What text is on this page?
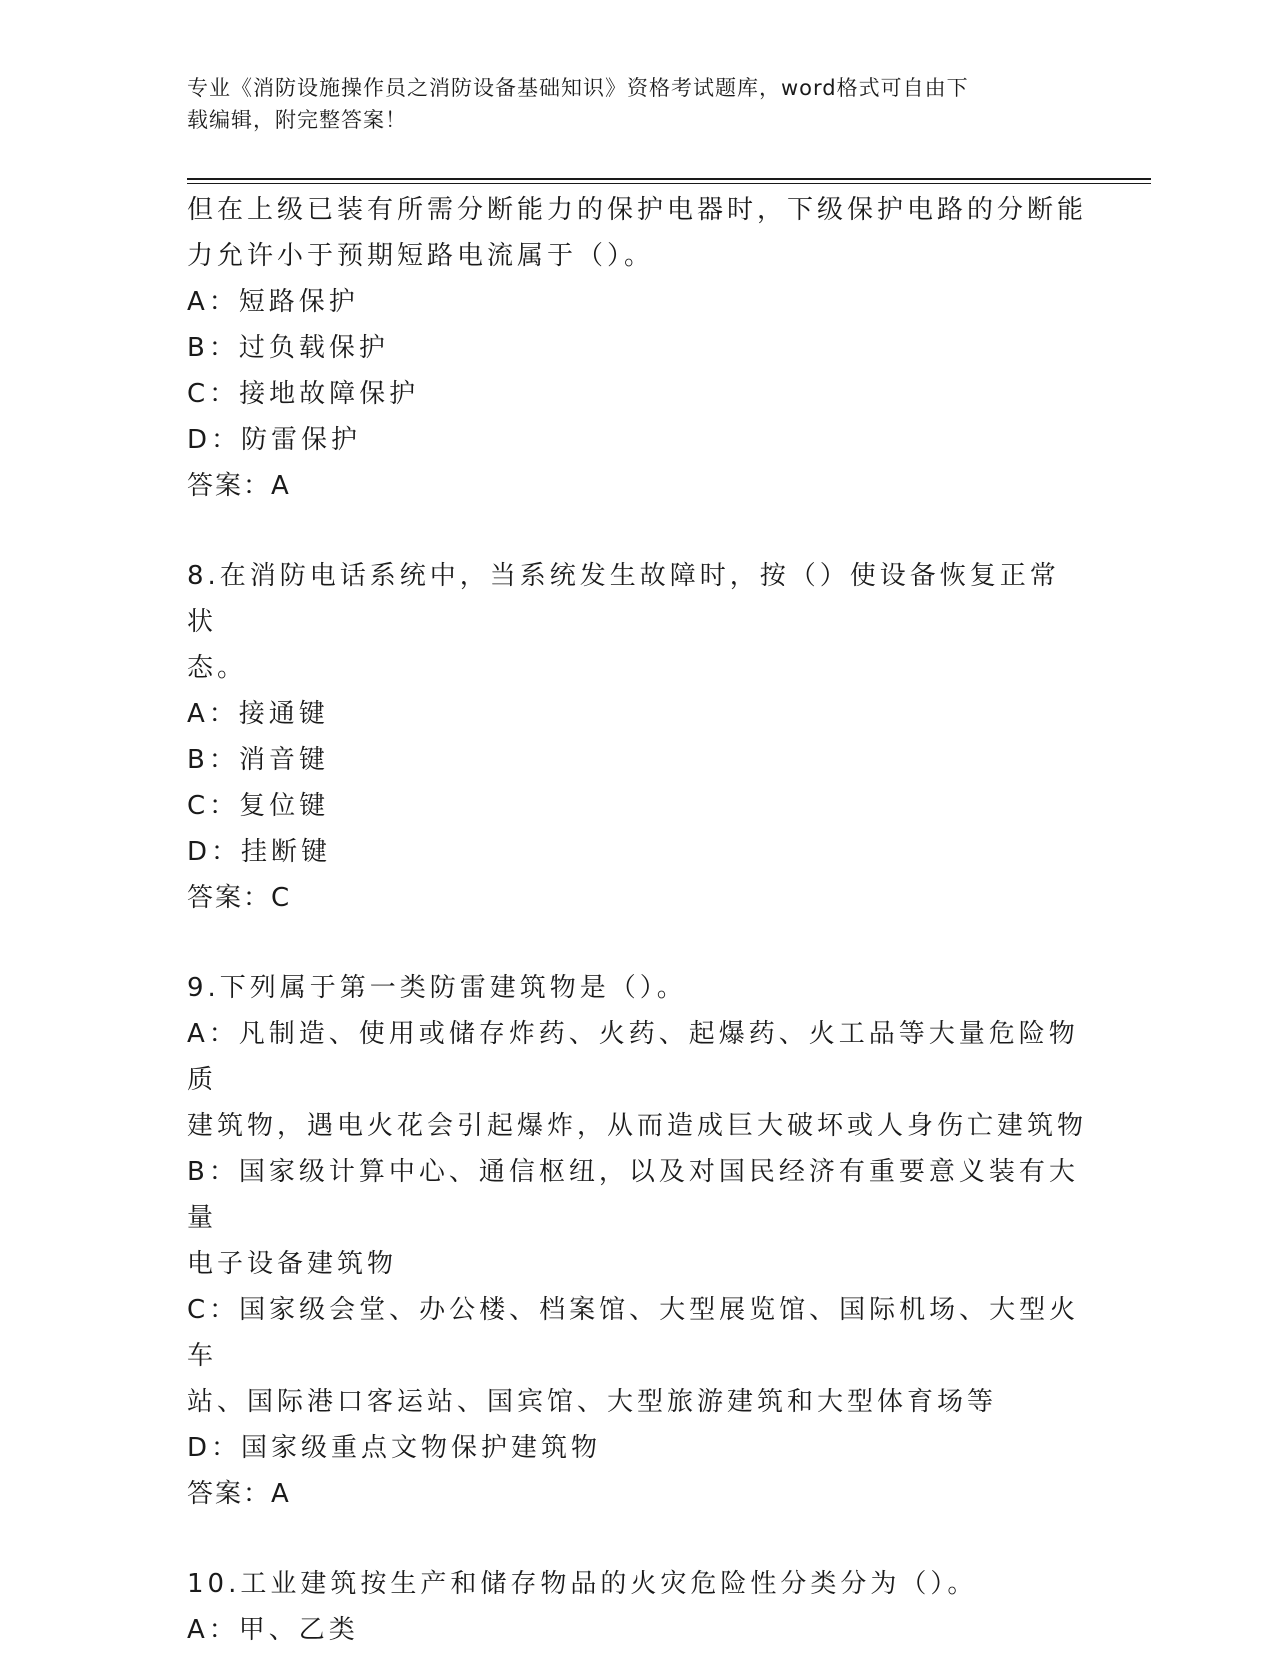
专业《消防设施操作员之消防设备基础知识》资格考试题库，word格式可自由下
载编辑，附完整答案！
但在上级已装有所需分断能力的保护电器时，下级保护电路的分断能
力允许小于预期短路电流属于（）。
A：短路保护
B：过负载保护
C：接地故障保护
D：防雷保护
答案：A
8.在消防电话系统中，当系统发生故障时，按（）使设备恢复正常状
态。
A：接通键
B：消音键
C：复位键
D：挂断键
答案：C
9.下列属于第一类防雷建筑物是（）。
A：凡制造、使用或储存炸药、火药、起爆药、火工品等大量危险物质
建筑物，遇电火花会引起爆炸，从而造成巨大破坏或人身伤亡建筑物
B：国家级计算中心、通信枢纽，以及对国民经济有重要意义装有大量
电子设备建筑物
C：国家级会堂、办公楼、档案馆、大型展览馆、国际机场、大型火车
站、国际港口客运站、国宾馆、大型旅游建筑和大型体育场等
D：国家级重点文物保护建筑物
答案：A
10.工业建筑按生产和储存物品的火灾危险性分类分为（）。
A：甲、乙类
